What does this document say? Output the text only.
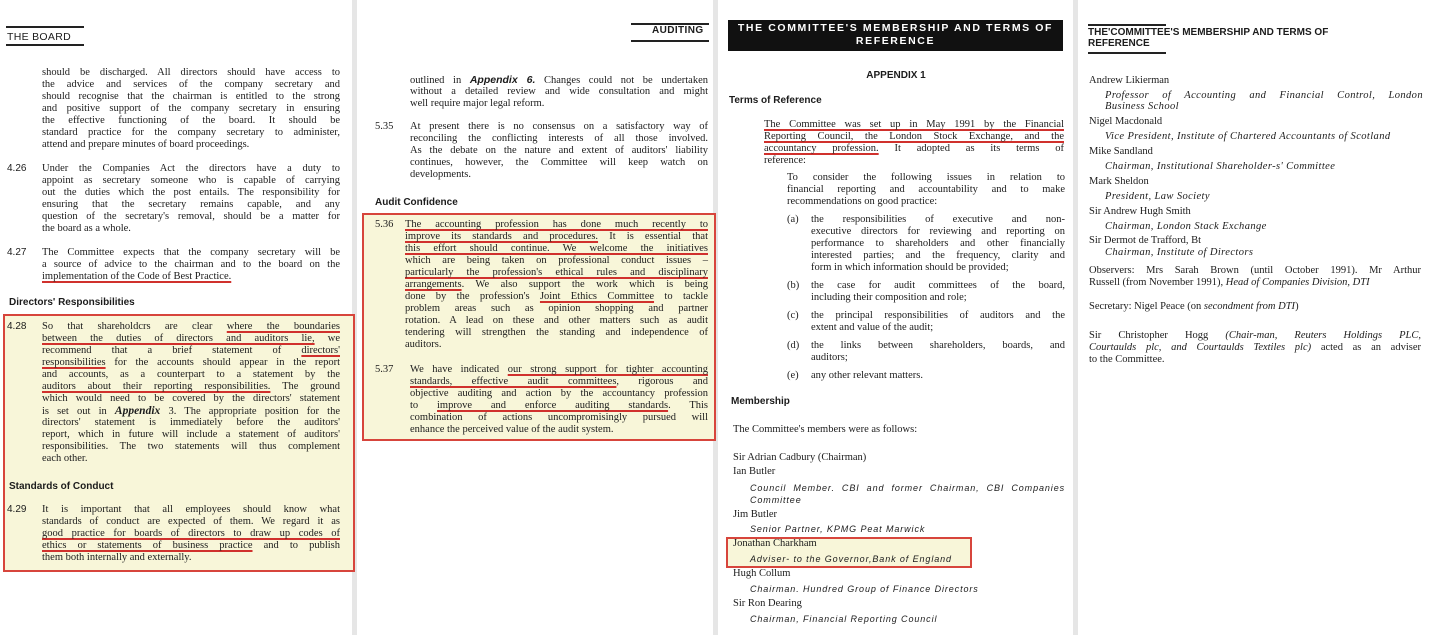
THE BOARD
Directors' Responsibilities
Standards of Conduct
AUDITING
Audit Confidence
THE COMMITTEE'S MEMBERSHIP AND TERMS OF REFERENCE
APPENDIX 1
Terms of Reference
Membership
THE'COMMITTEE'S MEMBERSHIP AND TERMS OF REFERENCE
should be discharged. All directors should have access to
the advice and services of the company secretary and
should recognise that the chairman is entitled to the strong
and positive support of the company secretary in ensuring
the effective functioning of the board. It should be
standard practice for the company secretary to administer,
attend and prepare minutes of board proceedings.
4.26 Under the Companies Act the directors have a duty to
appoint as secretary someone who is capable of carrying
out the duties which the post entails. The responsibility for
ensuring that the secretary remains capable, and any
question of the secretary's removal, should be a matter for
the board as a whole.
4.27 The Committee expects that the company secretary will be
a source of advice to the chairman and to the board on the
implementation of the Code of Best Practice.
4.28 So that shareholdcrs are clear where the boundaries
between the duties of directors and auditors lie, we
recommend that a brief statement of directors'
responsibilities for the accounts should appear in the report
and accounts, as a counterpart to a statement by the
auditors about their reporting responsibilities. The ground
which would need to be covered by the directors' statement
is set out in Appendix 3. The appropriate position for the
directors' statement is immediately before the auditors'
report, which in future will include a statement of auditors'
responsibilities. The two statements will thus complement
each other.
4.29 It is important that all employees should know what
standards of conduct are expected of them. We regard it as
good practice for boards of directors to draw up codes of
ethics or statements of business practice and to publish
them both internally and externally.
outlined in Appendix 6. Changes could not be undertaken
without a detailed review and wide consultation and might
well require major legal reform.
5.35 At present there is no consensus on a satisfactory way of
reconciling the conflicting interests of all those involved.
As the debate on the nature and extent of auditors' liability
continues, however, the Committee will keep watch on
developments.
5.36 The accounting profession has done much recently to
improve its standards and procedures. It is essential that
this effort should continue. We welcome the initiatives
which are being taken on professional conduct issues –
particularly the profession's ethical rules and disciplinary
arrangements. We also support the work which is being
done by the profession's Joint Ethics Committee to tackle
problem areas such as opinion shopping and partner
rotation. A lead on these and other matters such as audit
tendering will strengthen the standing and independence of
auditors.
5.37 We have indicated our strong support for tighter accounting
standards, effective audit committees, rigorous and
objective auditing and action by the accountancy profession
to improve and enforce auditing standards. This
combination of actions uncompromisingly pursued will
enhance the perceived value of the audit system.
The Committee was set up in May 1991 by the Financial
Reporting Council, the London Stock Exchange, and the
accountancy profession. It adopted as its terms of
reference:
To consider the following issues in relation to
financial reporting and accountability and to make
recommendations on good practice:
(a) the responsibilities of executive and non-
executive directors for reviewing and reporting on
performance to shareholders and other financially
interested parties; and the frequency, clarity and
form in which information should be provided;
(b) the case for audit committees of the board,
including their composition and role;
(c) the principal responsibilities of auditors and the
extent and value of the audit;
(d) the links between shareholders, boards, and
auditors;
(e) any other relevant matters.
The Committee's members were as follows:
Observers: Mrs Sarah Brown (until October 1991). Mr Arthur
Russell (from November 1991), Head of Companies Division, DTI
Secretary: Nigel Peace (on secondment from DTI)
Sir Christopher Hogg (Chair-man, Reuters Holdings PLC,
Courtaulds plc, and Courtaulds Textiles plc) acted as an adviser
to the Committee.
Sir Adrian Cadbury (Chairman)
Ian Butler
Council Member. CBI and former Chairman, CBI Companies
Committee
Jim Butler
Senior Partner, KPMG Peat Marwick
Jonathan Charkham
Adviser- to the Governor,Bank of England
Hugh Collum
Chairman. Hundred Group of Finance Directors
Sir Ron Dearing
Chairman, Financial Reporting Council
Andrew Likierman
Professor of Accounting and Financial Control, London
Business School
Nigel Macdonald
Vice President, Institute of Chartered Accountants of Scotland
Mike Sandland
Chairman, Institutional Shareholder-s' Committee
Mark Sheldon
President, Law Society
Sir Andrew Hugh Smith
Chairman, London Stack Exchange
Sir Dermot de Trafford, Bt
Chairman, Institute of Directors
